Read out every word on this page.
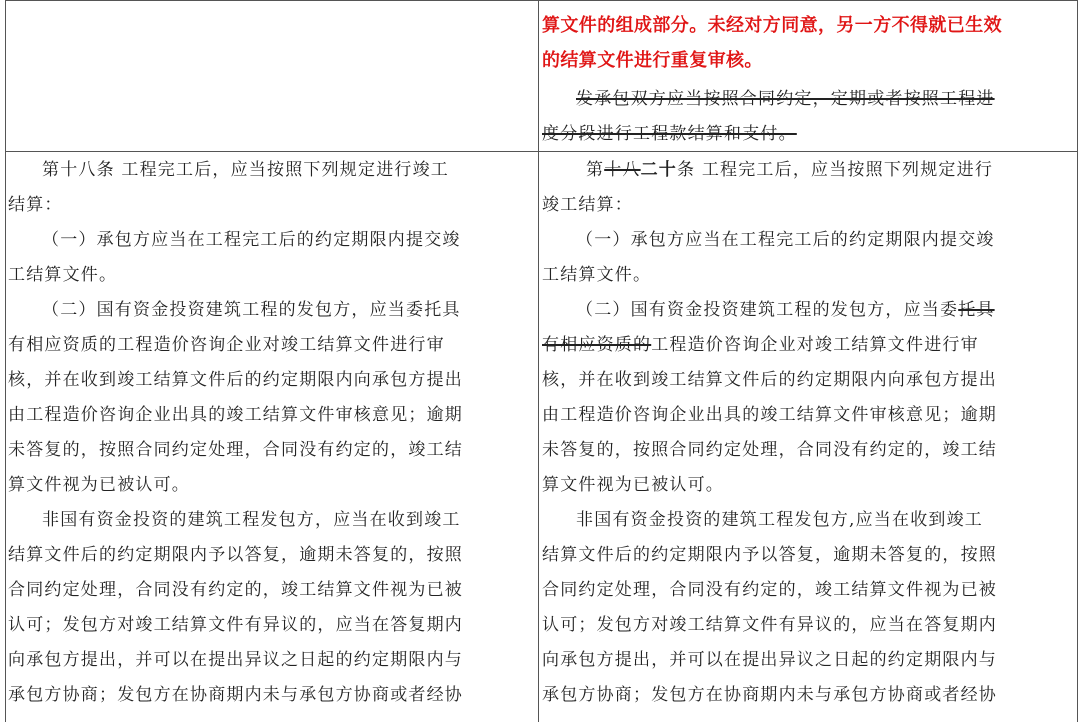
算文件的组成部分。未经对方同意，另一方不得就已生效
的结算文件进行重复审核。
发承包双方应当按照合同约定，定期或者按照工程进
度分段进行工程款结算和支付。
第十八条 工程完工后，应当按照下列规定进行竣工
结算：
（一）承包方应当在工程完工后的约定期限内提交竣
工结算文件。
（二）国有资金投资建筑工程的发包方，应当委托具
有相应资质的工程造价咨询企业对竣工结算文件进行审
核，并在收到竣工结算文件后的约定期限内向承包方提出
由工程造价咨询企业出具的竣工结算文件审核意见；逾期
未答复的，按照合同约定处理，合同没有约定的，竣工结
算文件视为已被认可。
非国有资金投资的建筑工程发包方，应当在收到竣工
结算文件后的约定期限内予以答复，逾期未答复的，按照
合同约定处理，合同没有约定的，竣工结算文件视为已被
认可；发包方对竣工结算文件有异议的，应当在答复期内
向承包方提出，并可以在提出异议之日起的约定期限内与
承包方协商；发包方在协商期内未与承包方协商或者经协
第十八二十条 工程完工后，应当按照下列规定进行
竣工结算：
（一）承包方应当在工程完工后的约定期限内提交竣
工结算文件。
（二）国有资金投资建筑工程的发包方，应当委托具
有相应资质的工程造价咨询企业对竣工结算文件进行审
核，并在收到竣工结算文件后的约定期限内向承包方提出
由工程造价咨询企业出具的竣工结算文件审核意见；逾期
未答复的，按照合同约定处理，合同没有约定的，竣工结
算文件视为已被认可。
非国有资金投资的建筑工程发包方,应当在收到竣工
结算文件后的约定期限内予以答复，逾期未答复的，按照
合同约定处理，合同没有约定的，竣工结算文件视为已被
认可；发包方对竣工结算文件有异议的，应当在答复期内
向承包方提出，并可以在提出异议之日起的约定期限内与
承包方协商；发包方在协商期内未与承包方协商或者经协
